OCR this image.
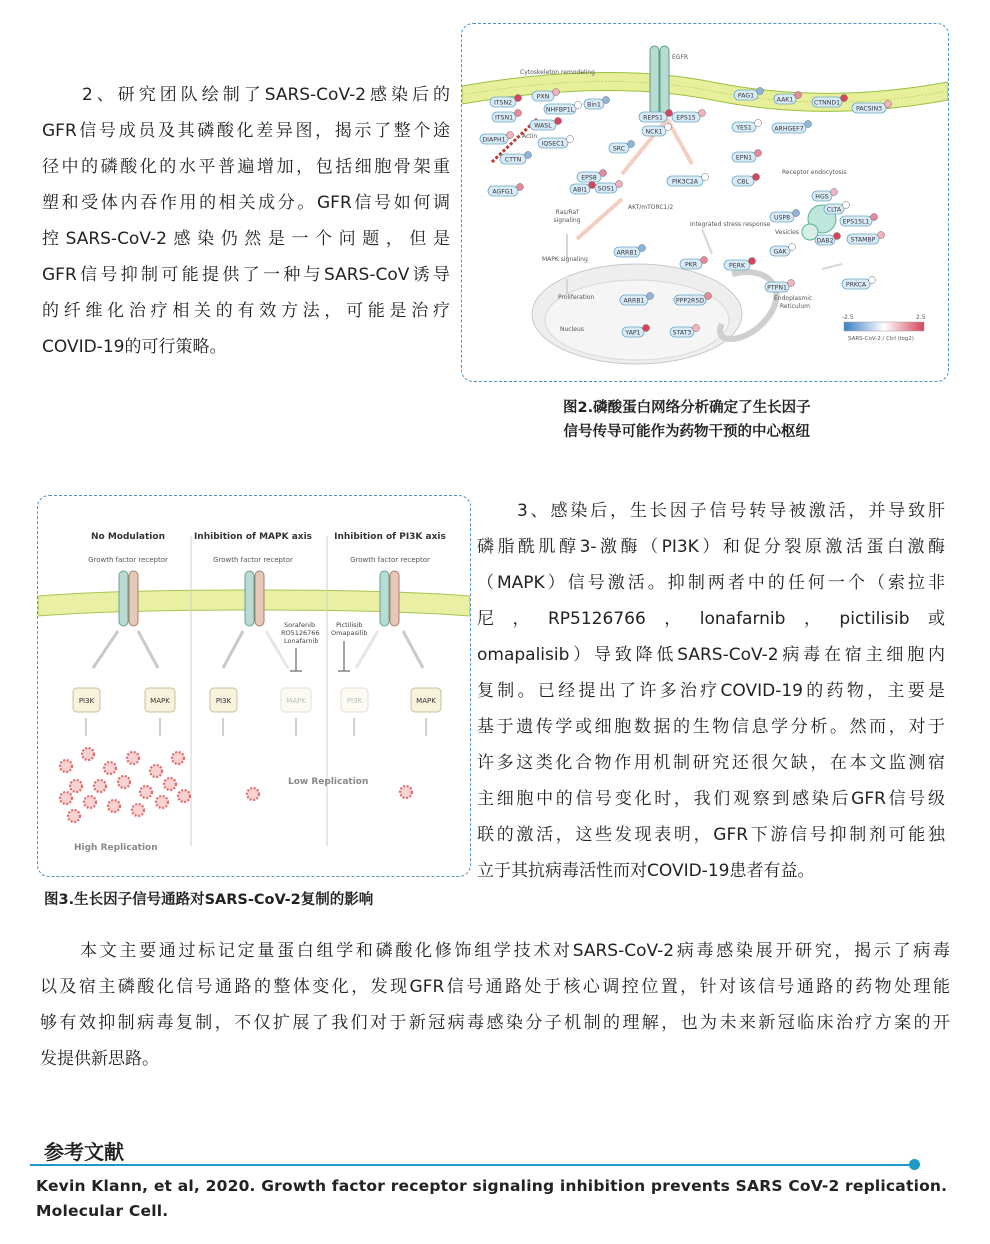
2、研究团队绘制了SARS-CoV-2感染后的
GFR信号成员及其磷酸化差异图，揭示了整个途
径中的磷酸化的水平普遍增加，包括细胞骨架重
塑和受体内吞作用的相关成分。GFR信号如何调
控SARS-CoV-2感染仍然是一个问题，但是
GFR信号抑制可能提供了一种与SARS-CoV诱导
的纤维化治疗相关的有效方法，可能是治疗
COVID-19的可行策略。
EGFR
Cytoskeleton remodeling
Actin
Ras/Raf
signaling
AKT/mTORC1/2
MAPK signaling
Proliferation
Nucleus
Integrated stress response
Receptor endocytosis
Vesicles
Endoplasmic
Reticulum
-2.5	2.5
SARS-CoV-2 / Ctrl (log2)
ITSN2
PXN
NHFBP1L
Bin1
ITSN1
WASL
DIAPH1
IQSEC1
CTTN
AGFG1
REPS1 EPS15
NCK1
SRC
EPS8
ABI1 SOS1
PIK3C2A
PAG1
AAK1	CTNND1
PACSIN3
YES1	ARHGEF7
EPN1
CBL
HGS
CLTA
USP8
EPS15L1
DAB2	STAMBP
GAK
ARRB1
PKR	PERK
PTPN1	PRKCA
ARRB1	PPP2R5D
YAP1	STAT3
图2.磷酸蛋白网络分析确定了生长因子
信号传导可能作为药物干预的中心枢纽
No Modulation	Inhibition of MAPK axis Inhibition of PI3K axis
Growth factor receptor	Growth factor receptor	Growth factor receptor
Sorafenib
RO5126766
Lonafarnib
Pictilisib
Omapasilib
PI3K	MAPK	PI3K	MAPK	PI3K	MAPK
High Replication
Low Replication
图3.生长因子信号通路对SARS-CoV-2复制的影响
3、感染后，生长因子信号转导被激活，并导致肝
磷脂酰肌醇3-激酶（PI3K）和促分裂原激活蛋白激酶
（MAPK）信号激活。抑制两者中的任何一个（索拉非
尼，RP5126766，lonafarnib，pictilisib或
omapalisib）导致降低SARS-CoV-2病毒在宿主细胞内
复制。已经提出了许多治疗COVID-19的药物，主要是
基于遗传学或细胞数据的生物信息学分析。然而，对于
许多这类化合物作用机制研究还很欠缺，在本文监测宿
主细胞中的信号变化时，我们观察到感染后GFR信号级
联的激活，这些发现表明，GFR下游信号抑制剂可能独
立于其抗病毒活性而对COVID-19患者有益。
本文主要通过标记定量蛋白组学和磷酸化修饰组学技术对SARS-CoV-2病毒感染展开研究，揭示了病毒
以及宿主磷酸化信号通路的整体变化，发现GFR信号通路处于核心调控位置，针对该信号通路的药物处理能
够有效抑制病毒复制，不仅扩展了我们对于新冠病毒感染分子机制的理解，也为未来新冠临床治疗方案的开
发提供新思路。
参考文献
Kevin Klann, et al, 2020. Growth factor receptor signaling inhibition prevents SARS CoV-2 replication.
Molecular Cell.
